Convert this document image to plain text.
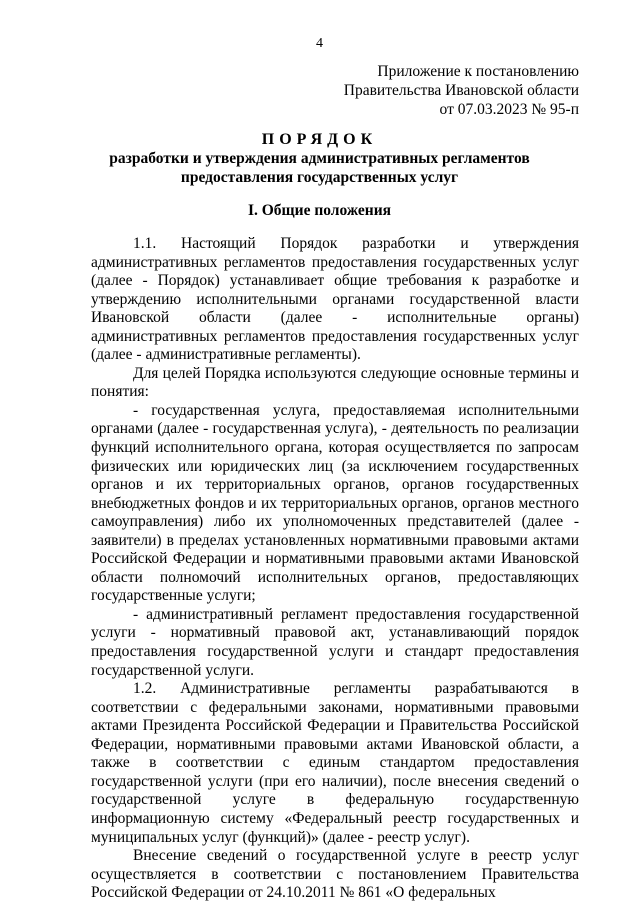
4
Приложение к постановлению
Правительства Ивановской области
от 07.03.2023 № 95-п
ПОРЯДОК
разработки и утверждения административных регламентов
предоставления государственных услуг
I. Общие положения

1.1. Настоящий Порядок разработки и утверждения административных регламентов предоставления государственных услуг (далее - Порядок) устанавливает общие требования к разработке и утверждению исполнительными органами государственной власти Ивановской области (далее - исполнительные органы) административных регламентов предоставления государственных услуг (далее - административные регламенты).

Для целей Порядка используются следующие основные термины и понятия:

- государственная услуга, предоставляемая исполнительными органами (далее - государственная услуга), - деятельность по реализации функций исполнительного органа, которая осуществляется по запросам физических или юридических лиц (за исключением государственных органов и их территориальных органов, органов государственных внебюджетных фондов и их территориальных органов, органов местного самоуправления) либо их уполномоченных представителей (далее - заявители) в пределах установленных нормативными правовыми актами Российской Федерации и нормативными правовыми актами Ивановской области полномочий исполнительных органов, предоставляющих государственные услуги;

- административный регламент предоставления государственной услуги - нормативный правовой акт, устанавливающий порядок предоставления государственной услуги и стандарт предоставления государственной услуги.

1.2. Административные регламенты разрабатываются в соответствии с федеральными законами, нормативными правовыми актами Президента Российской Федерации и Правительства Российской Федерации, нормативными правовыми актами Ивановской области, а также в соответствии с единым стандартом предоставления государственной услуги (при его наличии), после внесения сведений о государственной услуге в федеральную государственную информационную систему «Федеральный реестр государственных и муниципальных услуг (функций)» (далее - реестр услуг).

Внесение сведений о государственной услуге в реестр услуг осуществляется в соответствии с постановлением Правительства Российской Федерации от 24.10.2011 № 861 «О федеральных
